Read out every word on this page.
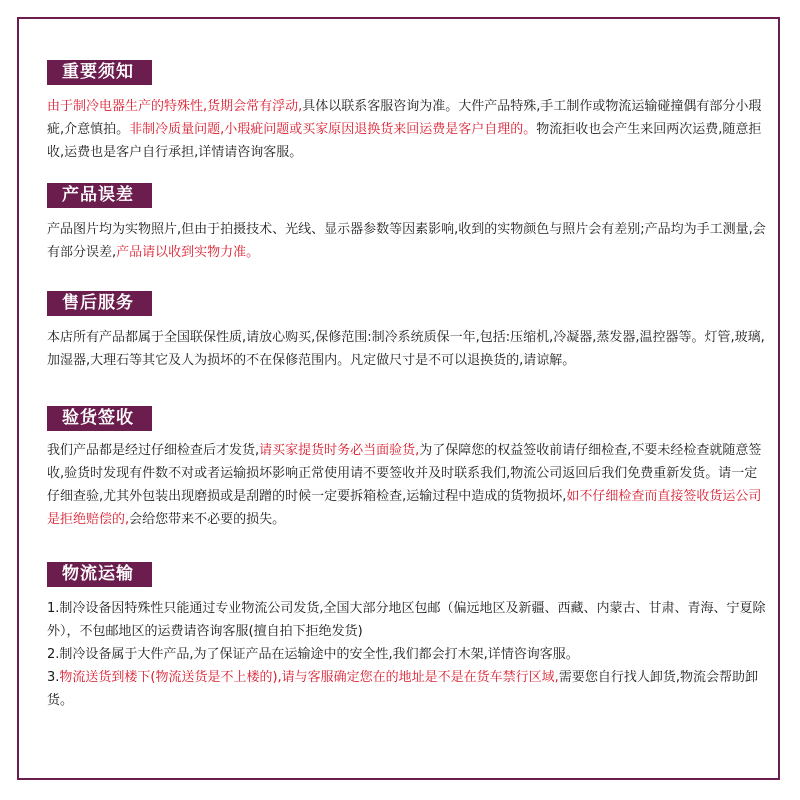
重要须知

由于制冷电器生产的特殊性,货期会常有浮动,具体以联系客服咨询为准。大件产品特殊,手工制作或物流运输碰撞偶有部分小瑕疵,介意慎拍。非制冷质量问题,小瑕疵问题或买家原因退换货来回运费是客户自理的。物流拒收也会产生来回两次运费,随意拒收,运费也是客户自行承担,详情请咨询客服。

产品误差

产品图片均为实物照片,但由于拍摄技术、光线、显示器参数等因素影响,收到的实物颜色与照片会有差别;产品均为手工测量,会有部分误差,产品请以收到实物力准。

售后服务

本店所有产品都属于全国联保性质,请放心购买,保修范围:制冷系统质保一年,包括:压缩机,冷凝器,蒸发器,温控器等。灯管,玻璃,加湿器,大理石等其它及人为损坏的不在保修范围内。凡定做尺寸是不可以退换货的,请谅解。

验货签收

我们产品都是经过仔细检查后才发货,请买家提货时务必当面验货,为了保障您的权益签收前请仔细检查,不要未经检查就随意签收,验货时发现有件数不对或者运输损坏影响正常使用请不要签收并及时联系我们,物流公司返回后我们免费重新发货。请一定仔细查验,尤其外包装出现磨损或是刮蹭的时候一定要拆箱检查,运输过程中造成的货物损坏,如不仔细检查而直接签收货运公司是拒绝赔偿的,会给您带来不必要的损失。

物流运输

1.制冷设备因特殊性只能通过专业物流公司发货,全国大部分地区包邮（偏远地区及新疆、西藏、内蒙古、甘肃、青海、宁夏除外），不包邮地区的运费请咨询客服(擅自拍下拒绝发货)

2.制冷设备属于大件产品,为了保证产品在运输途中的安全性,我们都会打木架,详情咨询客服。

3.物流送货到楼下(物流送货是不上楼的),请与客服确定您在的地址是不是在货车禁行区域,需要您自行找人卸货,物流会帮助卸货。
